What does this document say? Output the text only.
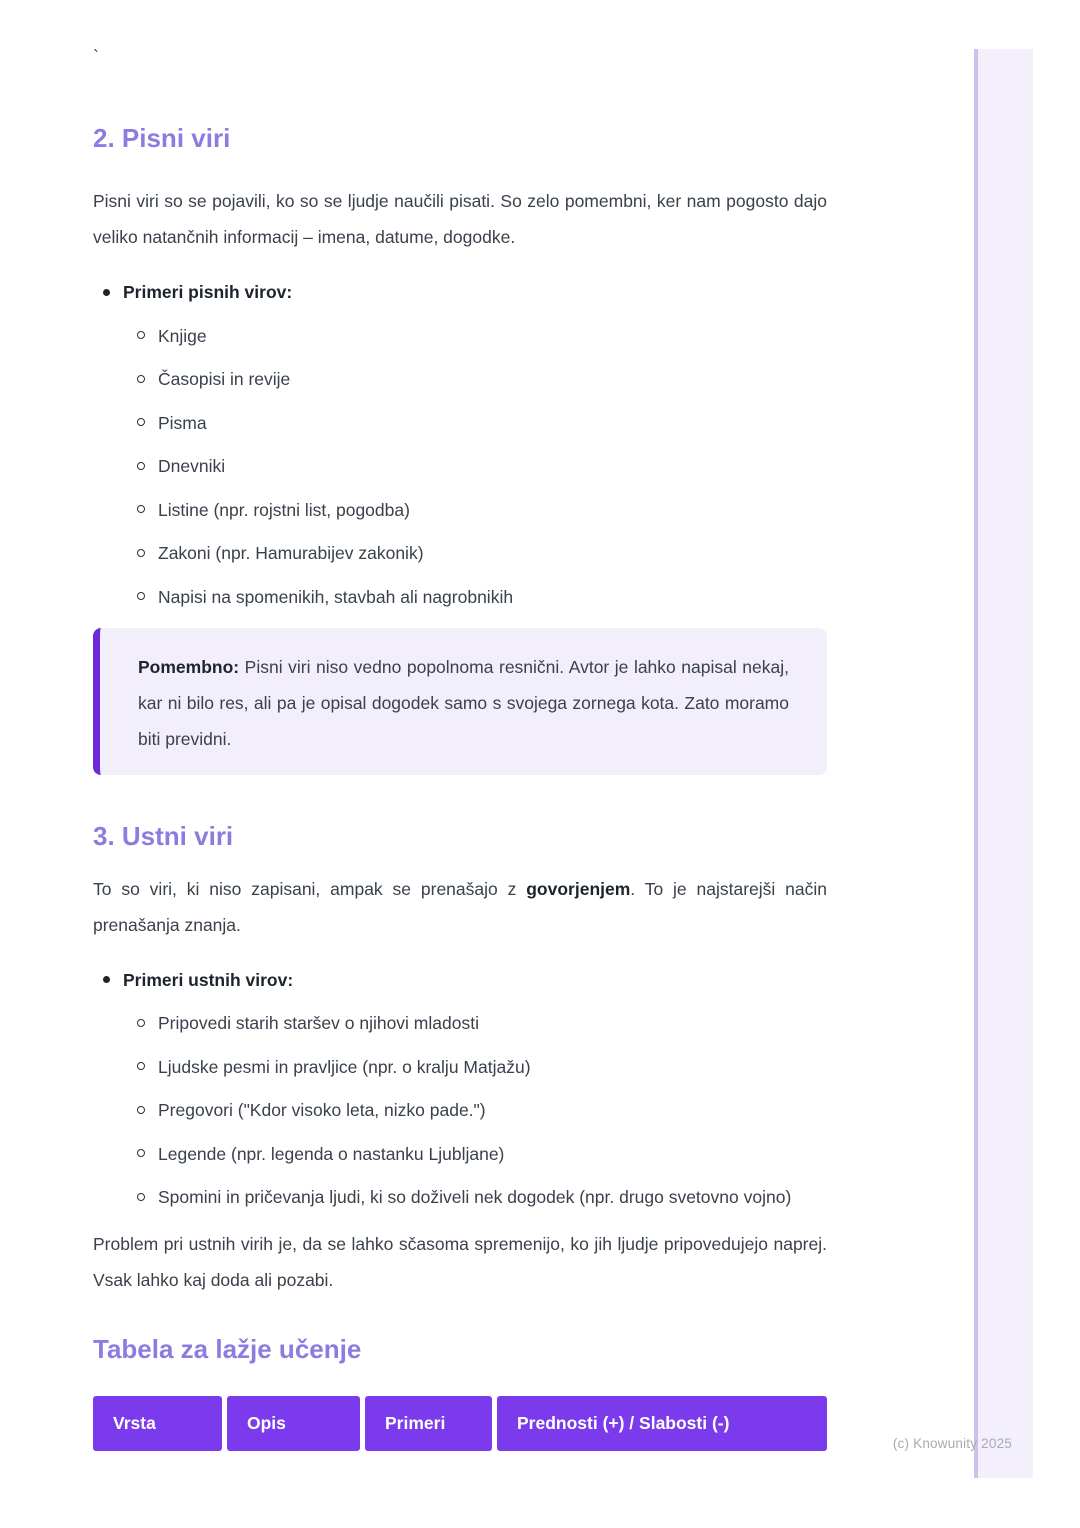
(c) Knowunity 2025
`
2. Pisni viri

Pisni viri so se pojavili, ko so se ljudje naučili pisati. So zelo pomembni, ker nam pogosto dajo veliko natančnih informacij – imena, datume, dogodke.

Primeri pisnih virov:
Knjige
Časopisi in revije
Pisma
Dnevniki
Listine (npr. rojstni list, pogodba)
Zakoni (npr. Hamurabijev zakonik)
Napisi na spomenikih, stavbah ali nagrobnikih

Pomembno: Pisni viri niso vedno popolnoma resnični. Avtor je lahko napisal nekaj, kar ni bilo res, ali pa je opisal dogodek samo s svojega zornega kota. Zato moramo biti previdni.

3. Ustni viri

To so viri, ki niso zapisani, ampak se prenašajo z govorjenjem. To je najstarejši način prenašanja znanja.

Primeri ustnih virov:
Pripovedi starih staršev o njihovi mladosti
Ljudske pesmi in pravljice (npr. o kralju Matjažu)
Pregovori ("Kdor visoko leta, nizko pade.")
Legende (npr. legenda o nastanku Ljubljane)
Spomini in pričevanja ljudi, ki so doživeli nek dogodek (npr. drugo svetovno vojno)

Problem pri ustnih virih je, da se lahko sčasoma spremenijo, ko jih ljudje pripovedujejo naprej. Vsak lahko kaj doda ali pozabi.

Tabela za lažje učenje
Vrsta	Opis	Primeri	Prednosti (+) / Slabosti (-)
